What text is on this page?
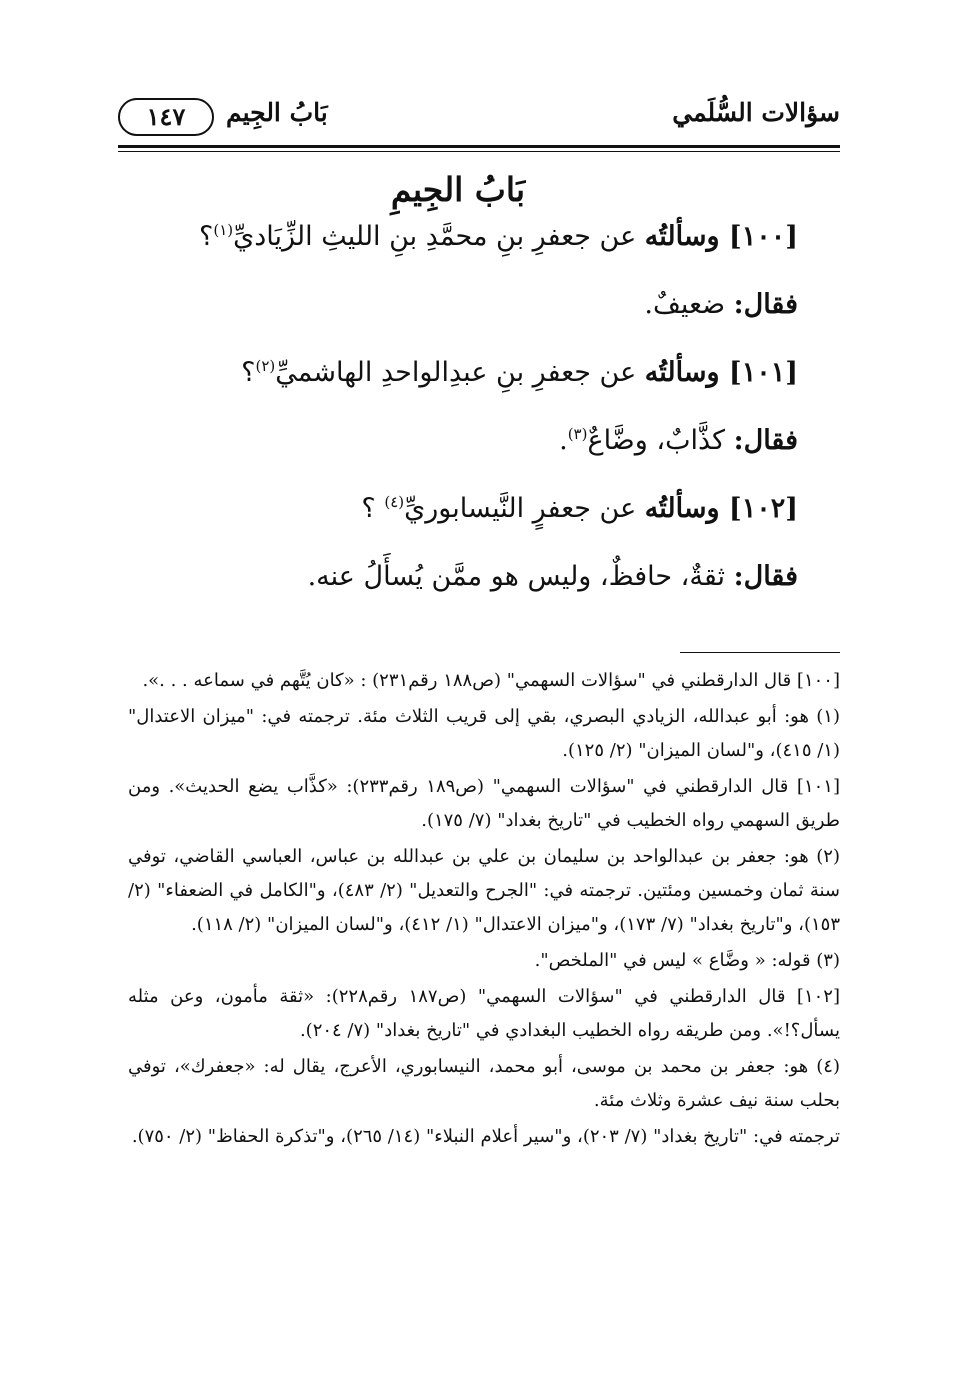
سؤالات السُّلَمي
بَابُ الجِيم
١٤٧
بَابُ الجِيمِ

[١٠٠] وسألتُه عن جعفرِ بنِ محمَّدِ بنِ الليثِ الزِّيَاديِّ$^{(١)}$؟

فقال: ضعيفٌ.

[١٠١] وسألتُه عن جعفرِ بنِ عبدِالواحدِ الهاشميِّ$^{(٢)}$؟

فقال: كذَّابٌ، وضَّاعٌ$^{(٣)}$.

[١٠٢] وسألتُه عن جعفرٍ النَّيسابوريِّ$^{(٤)}$ ؟

فقال: ثقةٌ، حافظٌ، وليس هو ممَّن يُسأَلُ عنه.

[١٠٠] قال الدارقطني في "سؤالات السهمي" (ص١٨٨ رقم٢٣١) : «كان يُتَّهم في سماعه . . .».

(١) هو: أبو عبدالله، الزيادي البصري، بقي إلى قريب الثلاث مئة. ترجمته في: "ميزان الاعتدال" (١/ ٤١٥)، و"لسان الميزان" (٢/ ١٢٥).

[١٠١] قال الدارقطني في "سؤالات السهمي" (ص١٨٩ رقم٢٣٣): «كذَّاب يضع الحديث». ومن طريق السهمي رواه الخطيب في "تاريخ بغداد" (٧/ ١٧٥).

(٢) هو: جعفر بن عبدالواحد بن سليمان بن علي بن عبدالله بن عباس، العباسي القاضي، توفي سنة ثمان وخمسين ومئتين. ترجمته في: "الجرح والتعديل" (٢/ ٤٨٣)، و"الكامل في الضعفاء" (٢/ ١٥٣)، و"تاريخ بغداد" (٧/ ١٧٣)، و"ميزان الاعتدال" (١/ ٤١٢)، و"لسان الميزان" (٢/ ١١٨).

(٣) قوله: « وضَّاع » ليس في "الملخص".

[١٠٢] قال الدارقطني في "سؤالات السهمي" (ص١٨٧ رقم٢٢٨): «ثقة مأمون، وعن مثله يسأل؟!». ومن طريقه رواه الخطيب البغدادي في "تاريخ بغداد" (٧/ ٢٠٤).

(٤) هو: جعفر بن محمد بن موسى، أبو محمد، النيسابوري، الأعرج، يقال له: «جعفرك»، توفي بحلب سنة نيف عشرة وثلاث مئة.

ترجمته في: "تاريخ بغداد" (٧/ ٢٠٣)، و"سير أعلام النبلاء" (١٤/ ٢٦٥)، و"تذكرة الحفاظ" (٢/ ٧٥٠).
